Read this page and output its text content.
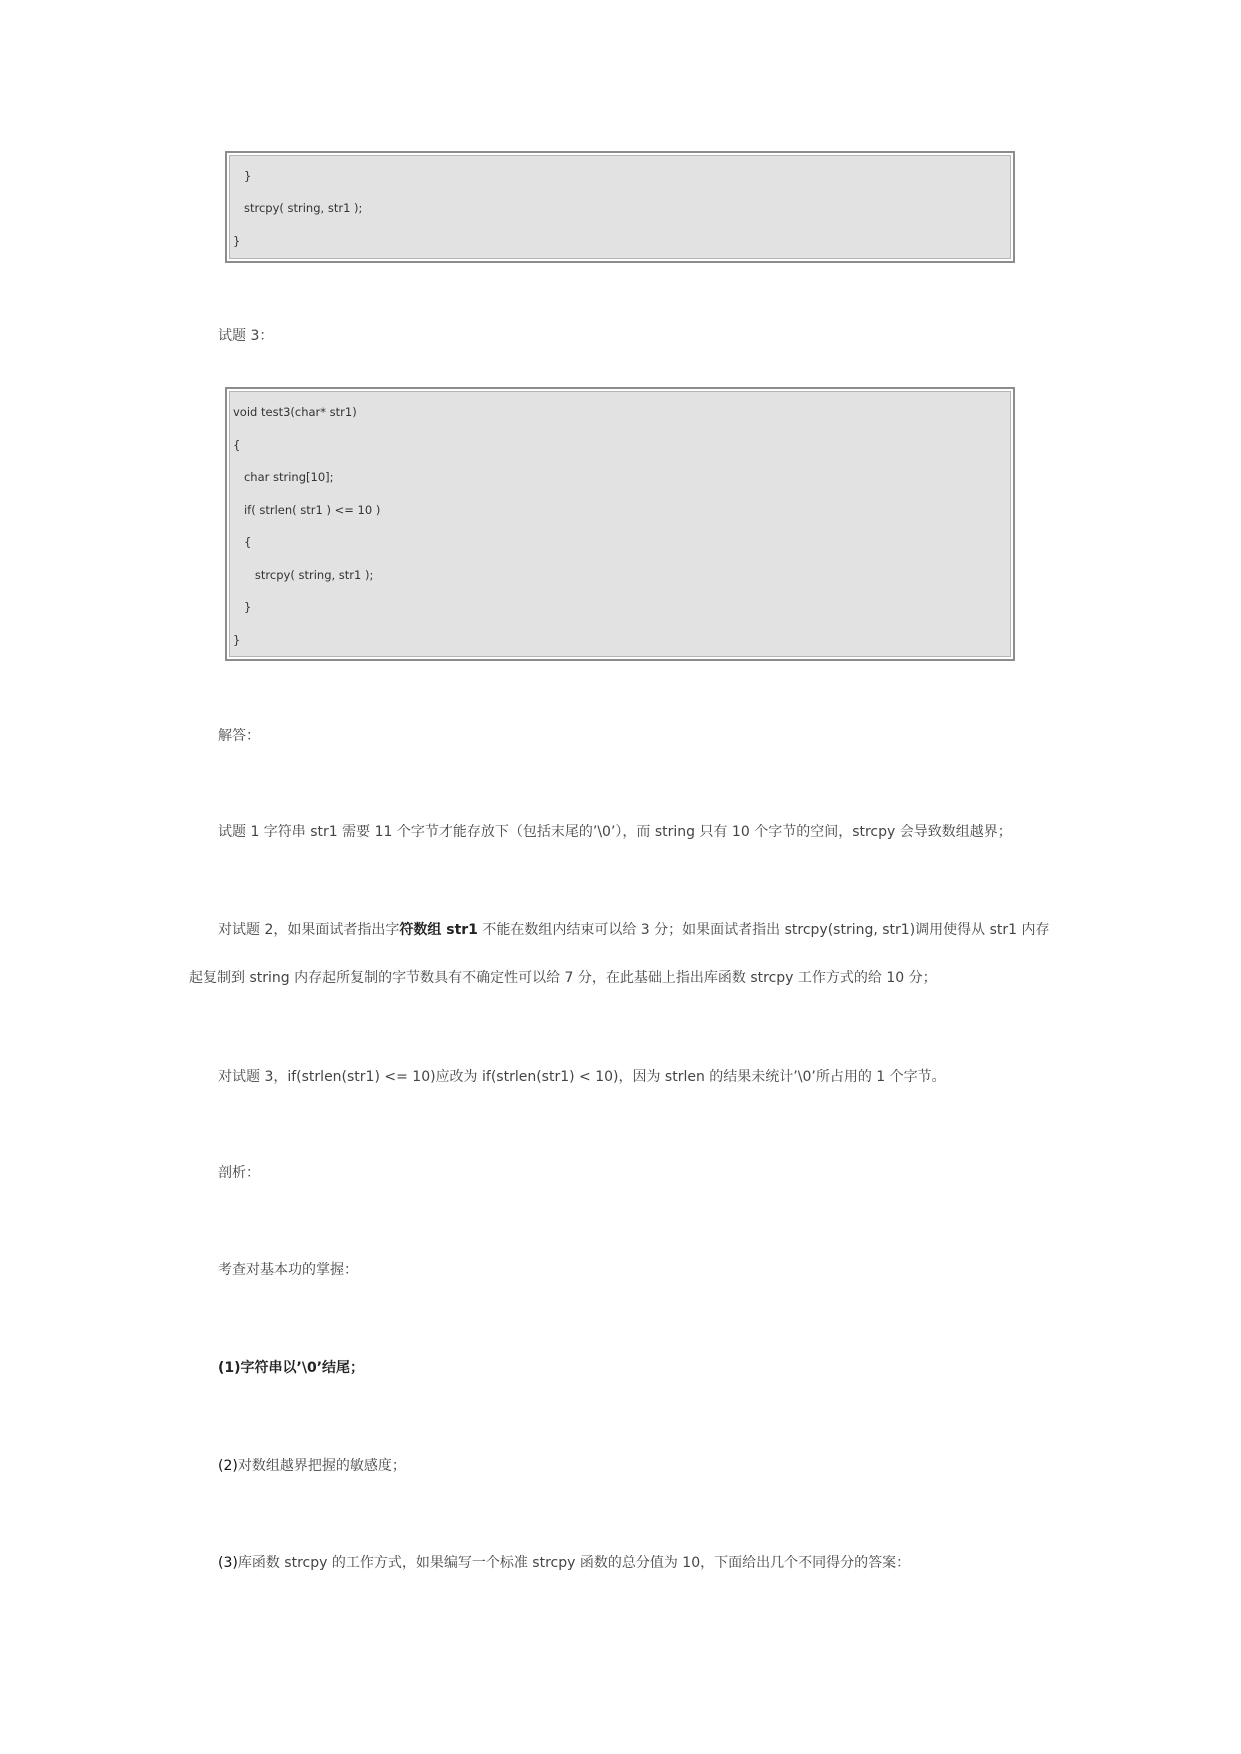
}
strcpy( string, str1 );
}
试题 3：
void test3(char* str1)
{
char string[10];
if( strlen( str1 ) <= 10 )
{
strcpy( string, str1 );
}
}
解答：
试题 1 字符串 str1 需要 11 个字节才能存放下（包括末尾的’\0’），而 string 只有 10 个字节的空间，strcpy 会导致数组越界；
对试题 2，如果面试者指出字符数组 str1 不能在数组内结束可以给 3 分；如果面试者指出 strcpy(string, str1)调用使得从 str1 内存
起复制到 string 内存起所复制的字节数具有不确定性可以给 7 分，在此基础上指出库函数 strcpy 工作方式的给 10 分；
对试题 3，if(strlen(str1) <= 10)应改为 if(strlen(str1) < 10)，因为 strlen 的结果未统计’\0’所占用的 1 个字节。
剖析：
考查对基本功的掌握：
(1)字符串以’\0’结尾；
(2)对数组越界把握的敏感度；
(3)库函数 strcpy 的工作方式，如果编写一个标准 strcpy 函数的总分值为 10，下面给出几个不同得分的答案：
